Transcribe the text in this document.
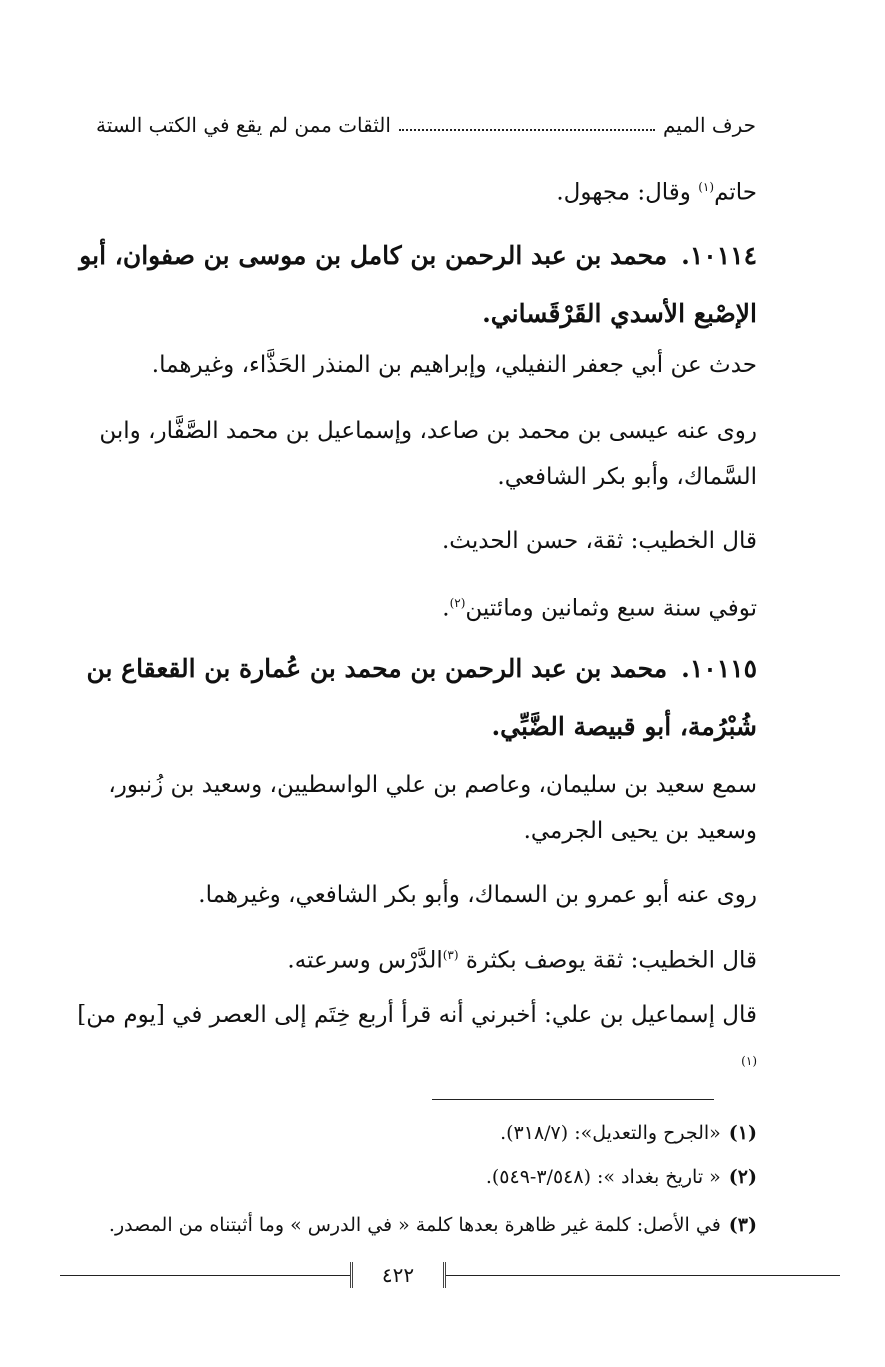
حرف الميم
الثقات ممن لم يقع في الكتب الستة
حاتم$^{(١)}$ وقال: مجهول.
١٠١١٤.محمد بن عبد الرحمن بن كامل بن موسى بن صفوان، أبو الإصْبع الأسدي القَرْقَساني.
حدث عن أبي جعفر النفيلي، وإبراهيم بن المنذر الحَذَّاء، وغيرهما.
روى عنه عيسى بن محمد بن صاعد، وإسماعيل بن محمد الصَّفَّار، وابن السَّماك، وأبو بكر الشافعي.
قال الخطيب: ثقة، حسن الحديث.
توفي سنة سبع وثمانين ومائتين$^{(٢)}$.
١٠١١٥.محمد بن عبد الرحمن بن محمد بن عُمارة بن القعقاع بن شُبْرُمة، أبو قبيصة الضَّبِّي.
سمع سعيد بن سليمان، وعاصم بن علي الواسطيين، وسعيد بن زُنبور، وسعيد بن يحيى الجرمي.
روى عنه أبو عمرو بن السماك، وأبو بكر الشافعي، وغيرهما.
قال الخطيب: ثقة يوصف بكثرة $^{(٣)}$الدَّرْس وسرعته.
قال إسماعيل بن علي: أخبرني أنه قرأ أربع خِتَم إلى العصر في [يوم من]$^{(١)}$
(١)«الجرح والتعديل»: (٣١٨/٧).
(٢)« تاريخ بغداد »: (٣/٥٤٨-٥٤٩).
(٣)في الأصل: كلمة غير ظاهرة بعدها كلمة « في الدرس » وما أثبتناه من المصدر.
٤٢٢
